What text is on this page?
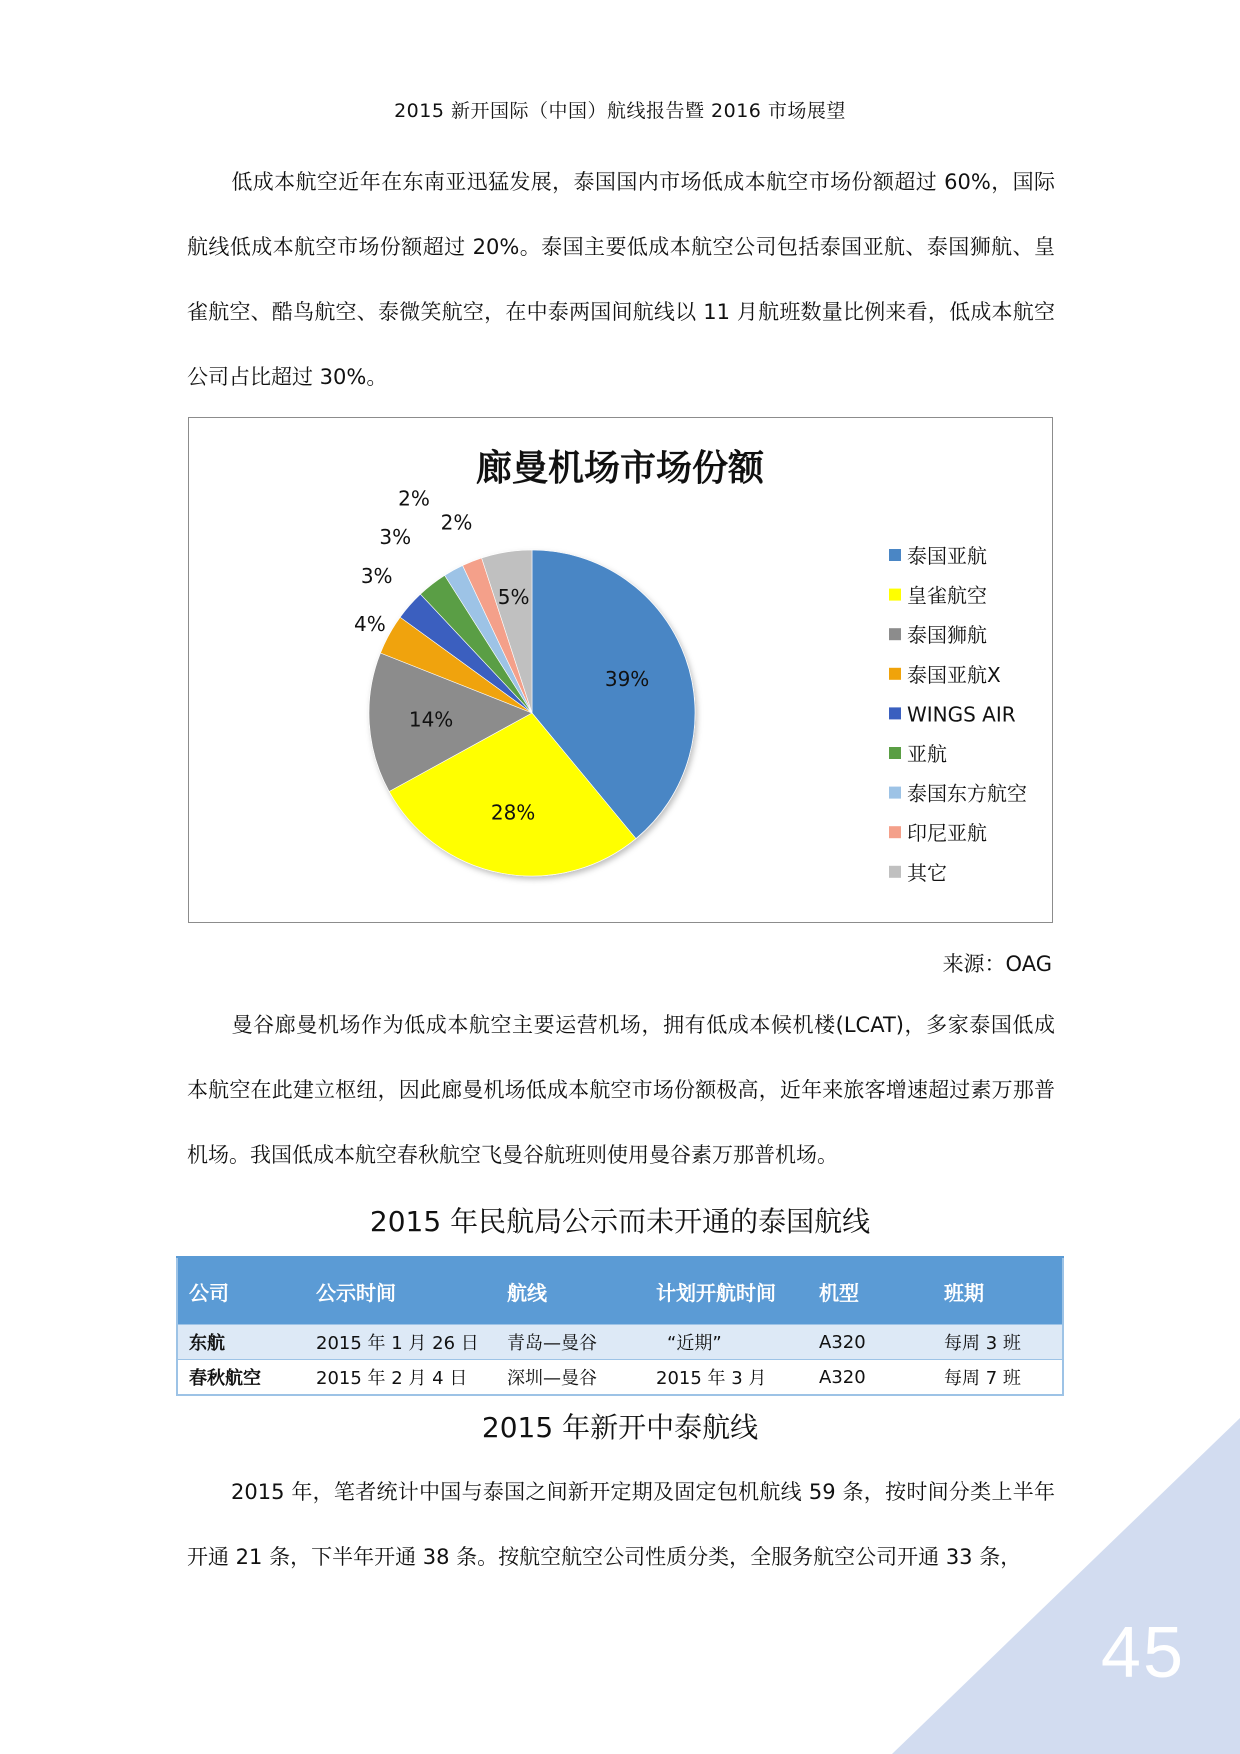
2015 新开国际（中国）航线报告暨 2016 市场展望

低成本航空近年在东南亚迅猛发展，泰国国内市场低成本航空市场份额超过 60%，国际航线低成本航空市场份额超过 20%。泰国主要低成本航空公司包括泰国亚航、泰国狮航、皇雀航空、酷鸟航空、泰微笑航空，在中泰两国间航线以 11 月航班数量比例来看，低成本航空公司占比超过 30%。

廊曼机场市场份额
39%
28%
14%
4%
3%
3%
2%
2%
5%
泰国亚航
皇雀航空
泰国狮航
泰国亚航X
WINGS AIR
亚航
泰国东方航空
印尼亚航
其它
来源：OAG

曼谷廊曼机场作为低成本航空主要运营机场，拥有低成本候机楼(LCAT)，多家泰国低成本航空在此建立枢纽，因此廊曼机场低成本航空市场份额极高，近年来旅客增速超过素万那普机场。我国低成本航空春秋航空飞曼谷航班则使用曼谷素万那普机场。

2015 年民航局公示而未开通的泰国航线
公司	公示时间	航线	计划开航时间	机型	班期
东航	2015 年 1 月 26 日	青岛—曼谷	“近期”	A320	每周 3 班
春秋航空	2015 年 2 月 4 日	深圳—曼谷	2015 年 3 月	A320	每周 7 班
2015 年新开中泰航线

2015 年，笔者统计中国与泰国之间新开定期及固定包机航线 59 条，按时间分类上半年开通 21 条，下半年开通 38 条。按航空航空公司性质分类，全服务航空公司开通 33 条，

45
